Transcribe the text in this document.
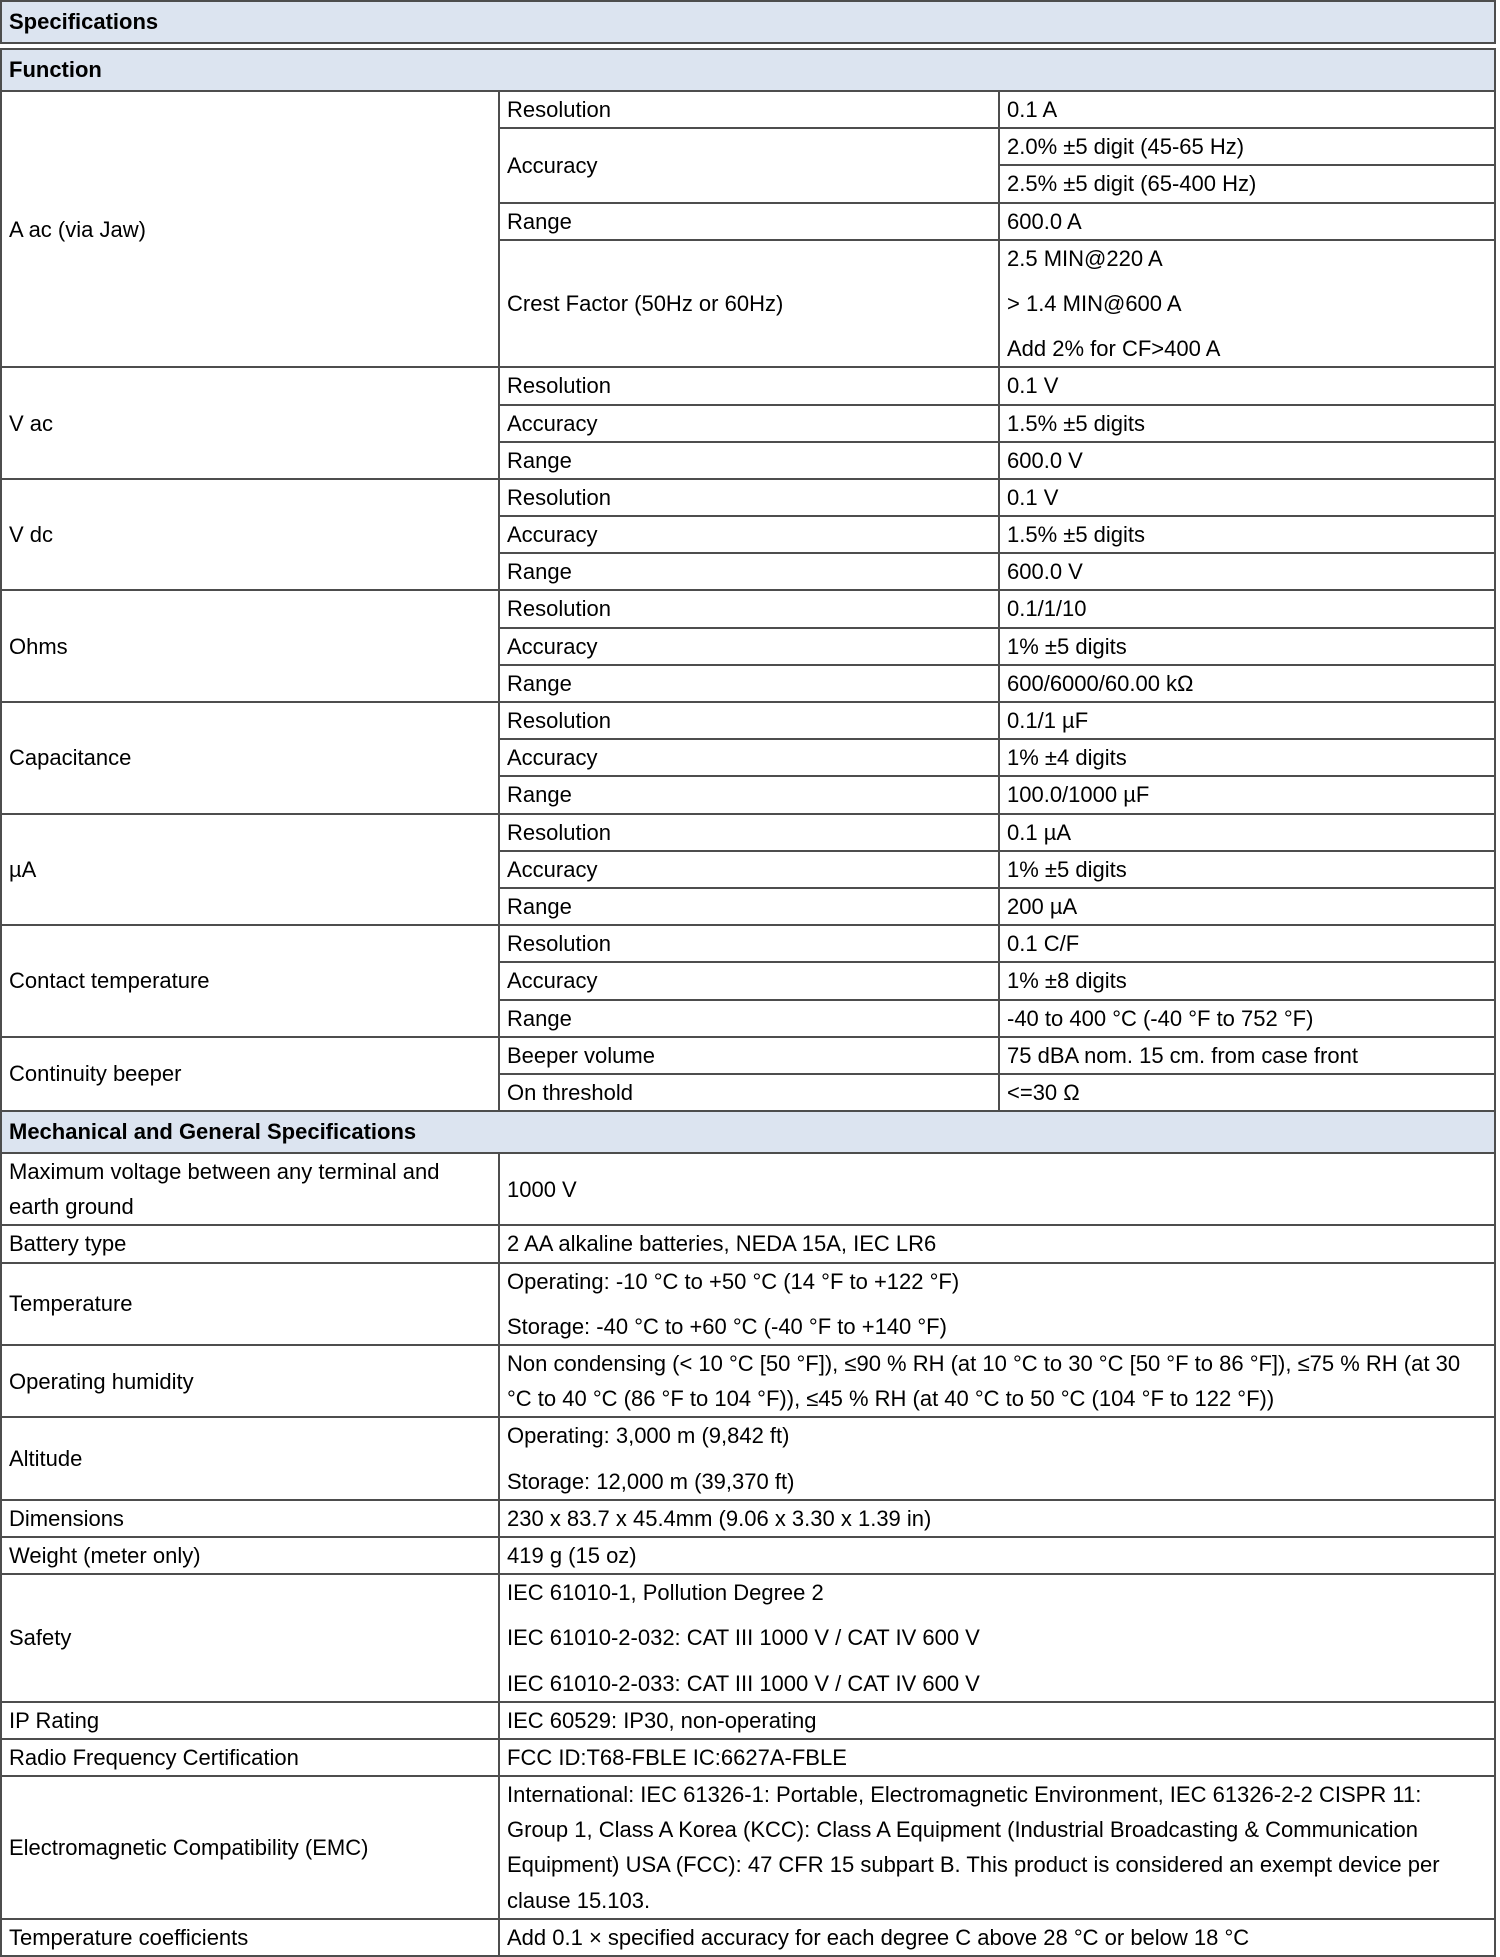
Specifications
Function		
A ac (via Jaw)	Resolution	0.1 A
	Accuracy	2.0% ±5 digit (45-65 Hz)
		2.5% ±5 digit (65-400 Hz)
	Range	600.0 A
	Crest Factor (50Hz or 60Hz)	2.5 MIN@220 A
> 1.4 MIN@600 A
Add 2% for CF>400 A

V ac	Resolution	0.1 V
	Accuracy	1.5% ±5 digits
	Range	600.0 V
V dc	Resolution	0.1 V
	Accuracy	1.5% ±5 digits
	Range	600.0 V
Ohms	Resolution	0.1/1/10
	Accuracy	1% ±5 digits
	Range	600/6000/60.00 kΩ
Capacitance	Resolution	0.1/1 µF
	Accuracy	1% ±4 digits
	Range	100.0/1000 µF
µA	Resolution	0.1 µA
	Accuracy	1% ±5 digits
	Range	200 µA
Contact temperature	Resolution	0.1 C/F
	Accuracy	1% ±8 digits
	Range	-40 to 400 °C (-40 °F to 752 °F)
Continuity beeper	Beeper volume	75 dBA nom. 15 cm. from case front
	On threshold	<=30 Ω
Mechanical and General Specifications		
Maximum voltage between any terminal and earth ground	1000 V	
Battery type	2 AA alkaline batteries, NEDA 15A, IEC LR6	
Temperature	Operating: -10 °C to +50 °C (14 °F to +122 °F)
Storage: -40 °C to +60 °C (-40 °F to +140 °F)	

Operating humidity	Non condensing (< 10 °C [50 °F]), ≤90 % RH (at 10 °C to 30 °C [50 °F to 86 °F]), ≤75 % RH (at 30 °C to 40 °C (86 °F to 104 °F)), ≤45 % RH (at 40 °C to 50 °C (104 °F to 122 °F))	
Altitude	Operating: 3,000 m (9,842 ft)
Storage: 12,000 m (39,370 ft)	

Dimensions	230 x 83.7 x 45.4mm (9.06 x 3.30 x 1.39 in)	
Weight (meter only)	419 g (15 oz)	
Safety	IEC 61010-1, Pollution Degree 2
IEC 61010-2-032: CAT III 1000 V / CAT IV 600 V
IEC 61010-2-033: CAT III 1000 V / CAT IV 600 V	

IP Rating	IEC 60529: IP30, non-operating	
Radio Frequency Certification	FCC ID:T68-FBLE IC:6627A-FBLE	
Electromagnetic Compatibility (EMC)	International: IEC 61326-1: Portable, Electromagnetic Environment, IEC 61326-2-2 CISPR 11: Group 1, Class A Korea (KCC): Class A Equipment (Industrial Broadcasting & Communication Equipment) USA (FCC): 47 CFR 15 subpart B. This product is considered an exempt device per clause 15.103.	
Temperature coefficients	Add 0.1 × specified accuracy for each degree C above 28 °C or below 18 °C	
